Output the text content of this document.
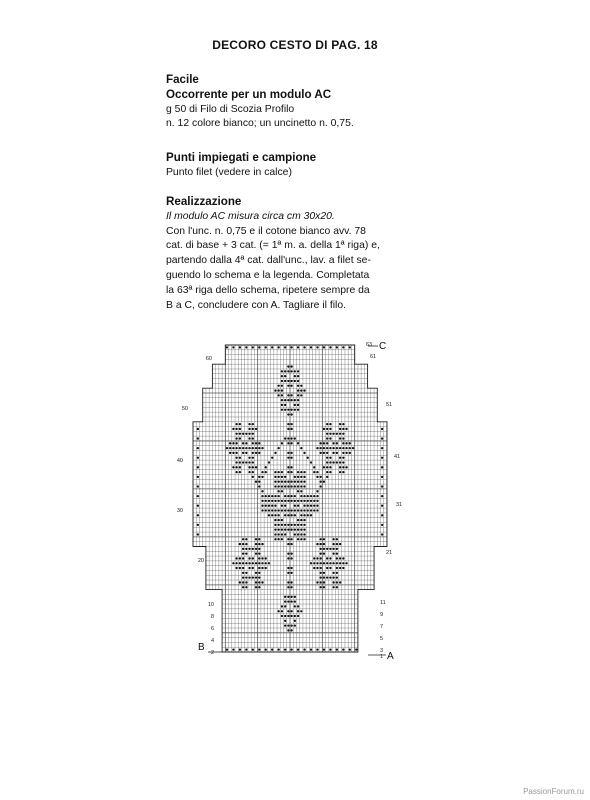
DECORO CESTO DI PAG. 18
Facile
Occorrente per un modulo AC
g 50 di Filo di Scozia Profilo
n. 12 colore bianco; un uncinetto n. 0,75.
Punti impiegati e campione
Punto filet (vedere in calce)
Realizzazione
Il modulo AC misura circa cm 30x20.
Con l'unc. n. 0,75 e il cotone bianco avv. 78
cat. di base + 3 cat. (= 1ª m. a. della 1ª riga) e,
partendo dalla 4ª cat. dall'unc., lav. a filet se-
guendo lo schema e la legenda. Completata
la 63ª riga dello schema, ripetere sempre da
B a C, concludere con A. Tagliare il filo.
60
50
40
30
20
10
8
6
4
2
63
61
51
41
31
21
11
9
7
5
3
1
B
A
C
PassionForum.ru
